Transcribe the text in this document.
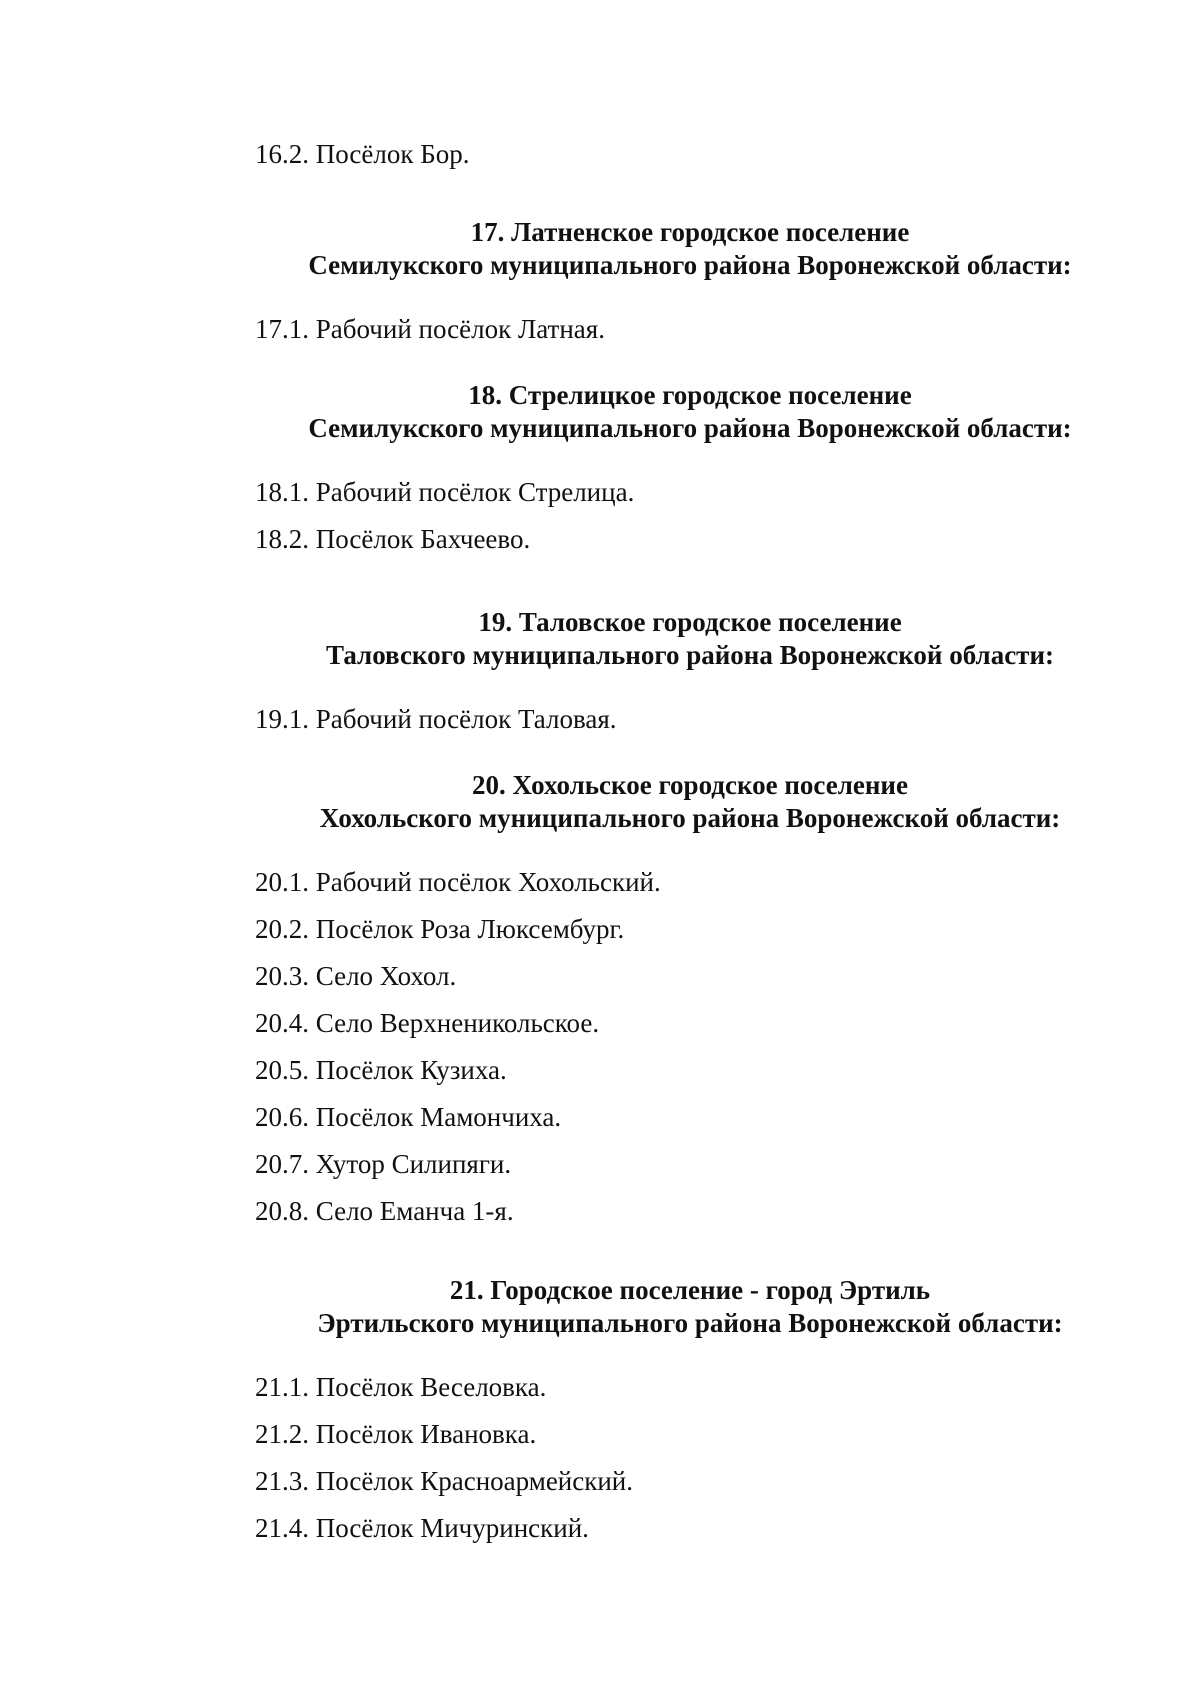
16.2. Посёлок Бор.
17. Латненское городское поселение
Семилукского муниципального района Воронежской области:
17.1. Рабочий посёлок Латная.
18. Стрелицкое городское поселение
Семилукского муниципального района Воронежской области:
18.1. Рабочий посёлок Стрелица.
18.2. Посёлок Бахчеево.
19. Таловское городское поселение
Таловского муниципального района Воронежской области:
19.1. Рабочий посёлок Таловая.
20. Хохольское городское поселение
Хохольского муниципального района Воронежской области:
20.1. Рабочий посёлок Хохольский.
20.2. Посёлок Роза Люксембург.
20.3. Село Хохол.
20.4. Село Верхненикольское.
20.5. Посёлок Кузиха.
20.6. Посёлок Мамончиха.
20.7. Хутор Силипяги.
20.8. Село Еманча 1-я.
21. Городское поселение - город Эртиль
Эртильского муниципального района Воронежской области:
21.1. Посёлок Веселовка.
21.2. Посёлок Ивановка.
21.3. Посёлок Красноармейский.
21.4. Посёлок Мичуринский.
